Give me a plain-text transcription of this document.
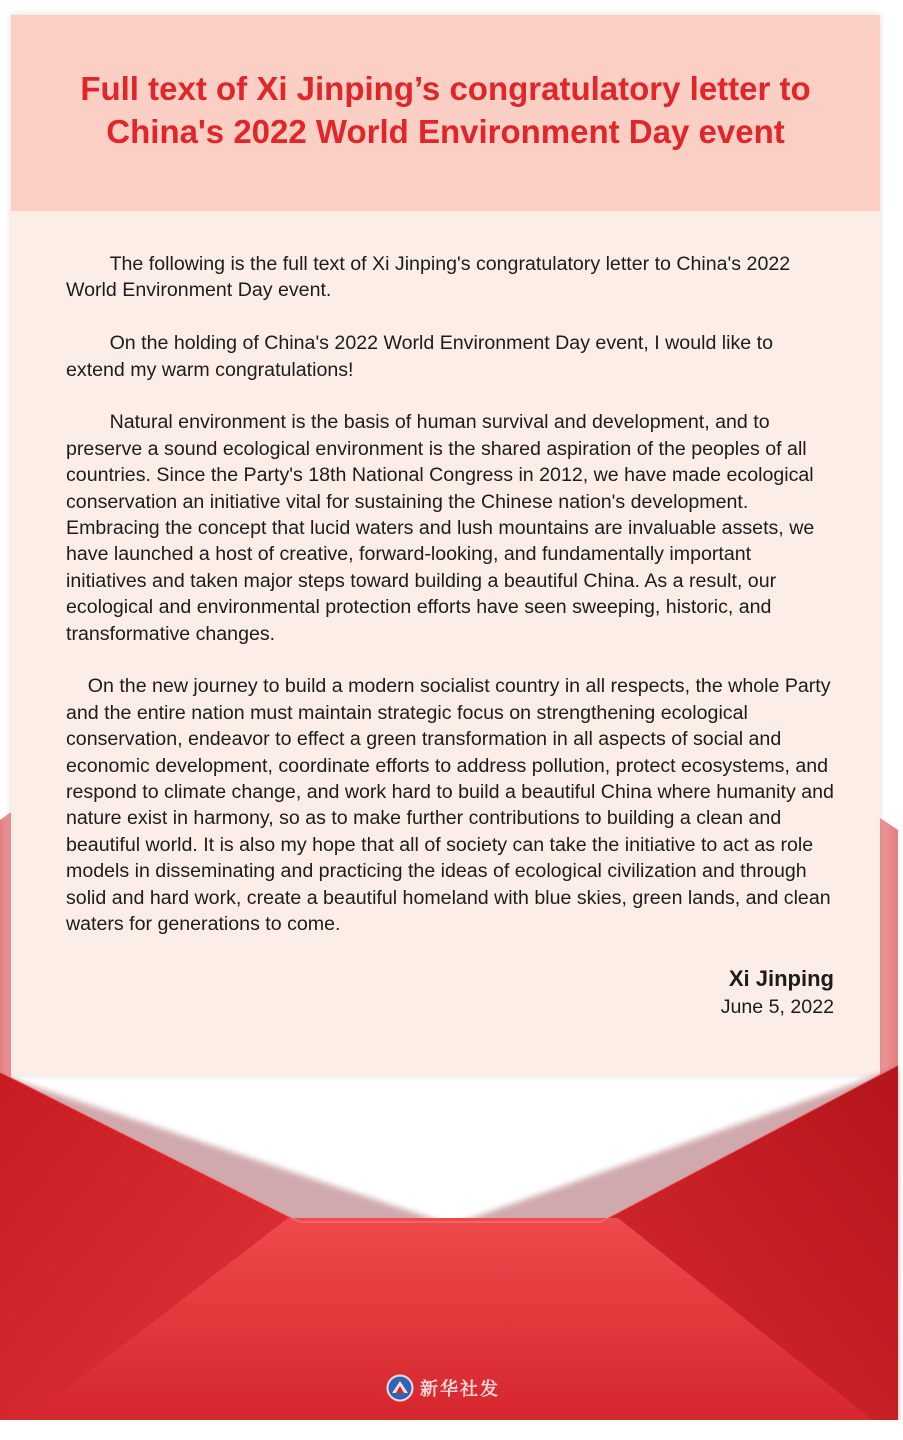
Full text of Xi Jinping’s congratulatory letter to China's 2022 World Environment Day event

The following is the full text of Xi Jinping's congratulatory letter to China's 2022 World Environment Day event.

On the holding of China's 2022 World Environment Day event, I would like to extend my warm congratulations!

Natural environment is the basis of human survival and development, and to preserve a sound ecological environment is the shared aspiration of the peoples of all countries. Since the Party's 18th National Congress in 2012, we have made ecological conservation an initiative vital for sustaining the Chinese nation's development. Embracing the concept that lucid waters and lush mountains are invaluable assets, we have launched a host of creative, forward-looking, and fundamentally important initiatives and taken major steps toward building a beautiful China. As a result, our ecological and environmental protection efforts have seen sweeping, historic, and transformative changes.

On the new journey to build a modern socialist country in all respects, the whole Party and the entire nation must maintain strategic focus on strengthening ecological conservation, endeavor to effect a green transformation in all aspects of social and economic development, coordinate efforts to address pollution, protect ecosystems, and respond to climate change, and work hard to build a beautiful China where humanity and nature exist in harmony, so as to make further contributions to building a clean and beautiful world. It is also my hope that all of society can take the initiative to act as role models in disseminating and practicing the ideas of ecological civilization and through solid and hard work, create a beautiful homeland with blue skies, green lands, and clean waters for generations to come.

Xi Jinping
June 5, 2022
新华社发
